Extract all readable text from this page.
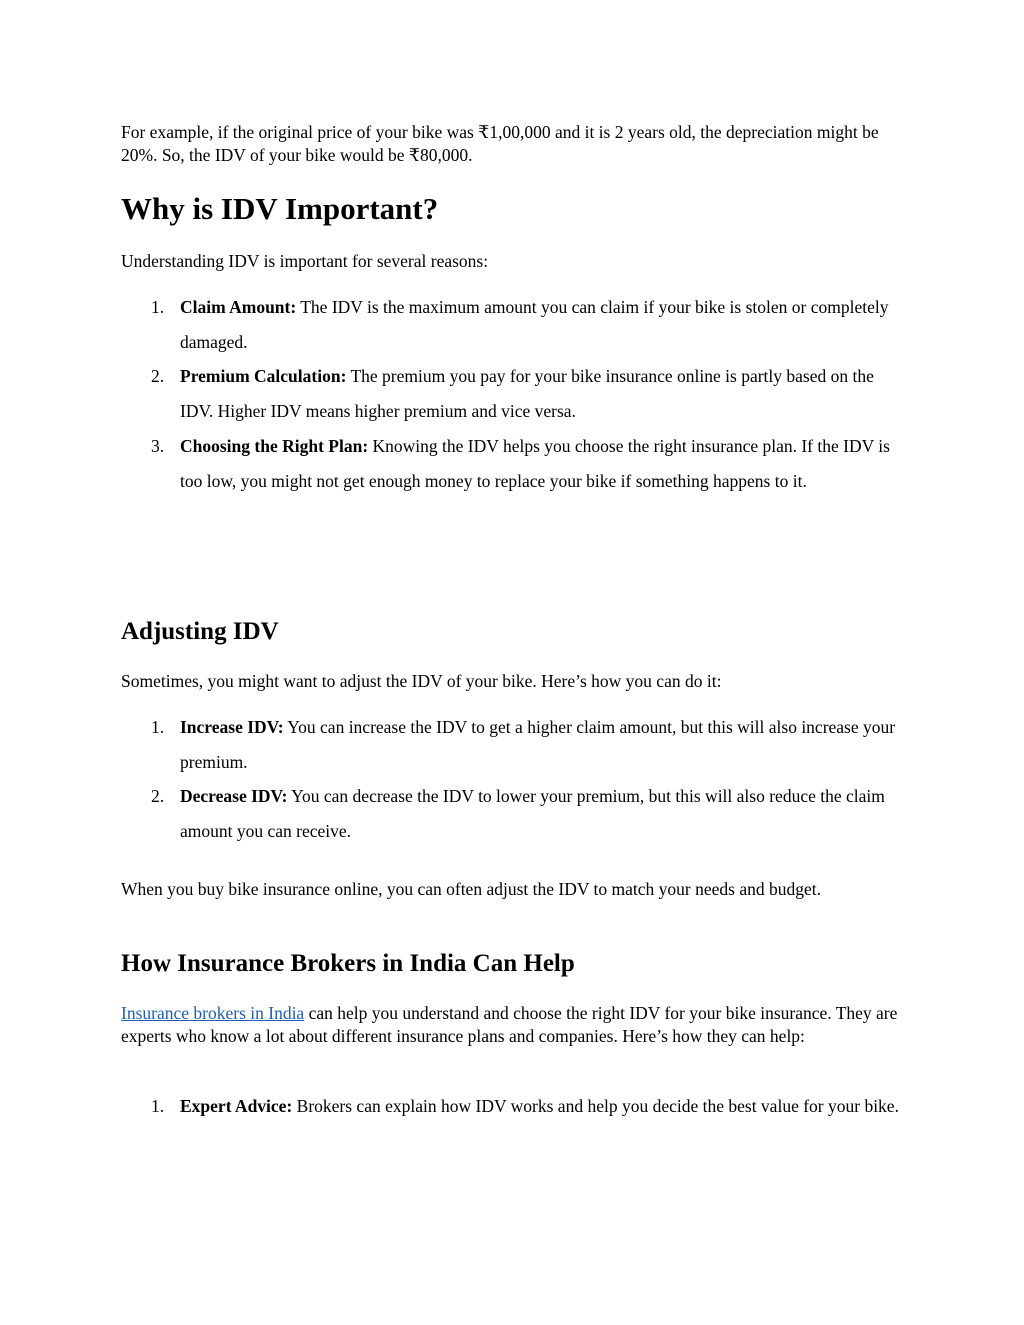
For example, if the original price of your bike was ₹1,00,000 and it is 2 years old, the depreciation might be 20%. So, the IDV of your bike would be ₹80,000.

Why is IDV Important?

Understanding IDV is important for several reasons:

1. Claim Amount: The IDV is the maximum amount you can claim if your bike is stolen or completely damaged.
2. Premium Calculation: The premium you pay for your bike insurance online is partly based on the IDV. Higher IDV means higher premium and vice versa.
3. Choosing the Right Plan: Knowing the IDV helps you choose the right insurance plan. If the IDV is too low, you might not get enough money to replace your bike if something happens to it.
Adjusting IDV

Sometimes, you might want to adjust the IDV of your bike. Here’s how you can do it:

1. Increase IDV: You can increase the IDV to get a higher claim amount, but this will also increase your premium.
2. Decrease IDV: You can decrease the IDV to lower your premium, but this will also reduce the claim amount you can receive.

When you buy bike insurance online, you can often adjust the IDV to match your needs and budget.

How Insurance Brokers in India Can Help

Insurance brokers in India can help you understand and choose the right IDV for your bike insurance. They are experts who know a lot about different insurance plans and companies. Here’s how they can help:

1. Expert Advice: Brokers can explain how IDV works and help you decide the best value for your bike.
